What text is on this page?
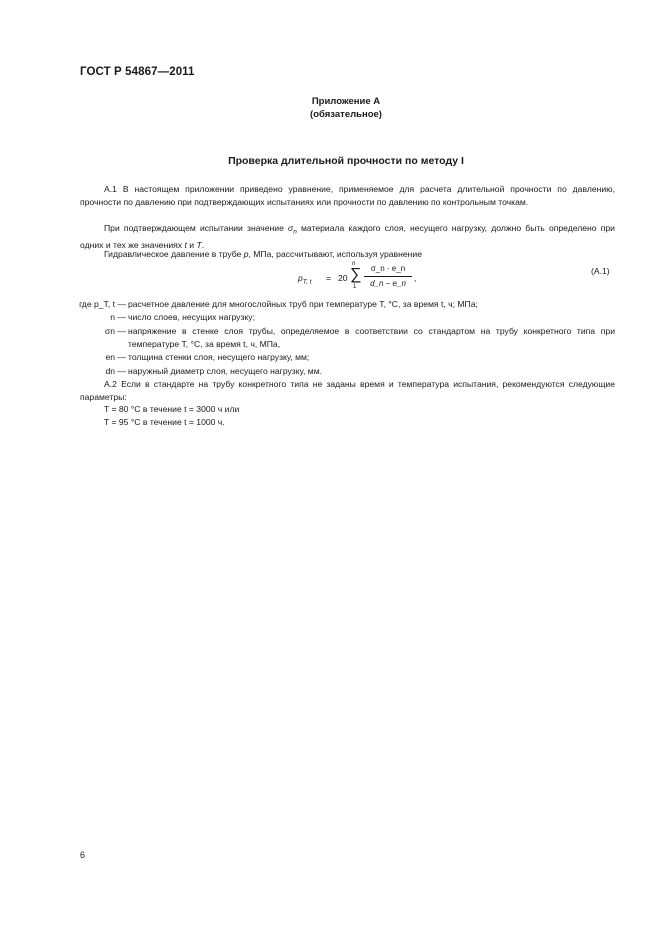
ГОСТ Р 54867—2011
Приложение А
(обязательное)
Проверка длительной прочности по методу I
А.1 В настоящем приложении приведено уравнение, применяемое для расчета длительной прочности по давлению, прочности по давлению при подтверждающих испытаниях или прочности по давлению по контрольным точкам.
При подтверждающем испытании значение $\sigma_n$ материала каждого слоя, несущего нагрузку, должно быть определено при одних и тех же значениях t и T.
Гидравлическое давление в трубе p, МПа, рассчитывают, используя уравнение
$p_{T, t} = 20$
n
∑
1
σ_n · e_n
d_n − e_n
,
(А.1)
где p_T, t — расчетное давление для многослойных труб при температуре T, °С, за время t, ч; МПа;
n — число слоев, несущих нагрузку;
σn — напряжение в стенке слоя трубы, определяемое в соответствии со стандартом на трубу конкретного типа при температуре T, °С, за время t, ч, МПа,
en — толщина стенки слоя, несущего нагрузку, мм;
dn — наружный диаметр слоя, несущего нагрузку, мм.
А.2 Если в стандарте на трубу конкретного типа не заданы время и температура испытания, рекомендуются следующие параметры:
T = 80 °С в течение t = 3000 ч или
T = 95 °С в течение t = 1000 ч.
6
